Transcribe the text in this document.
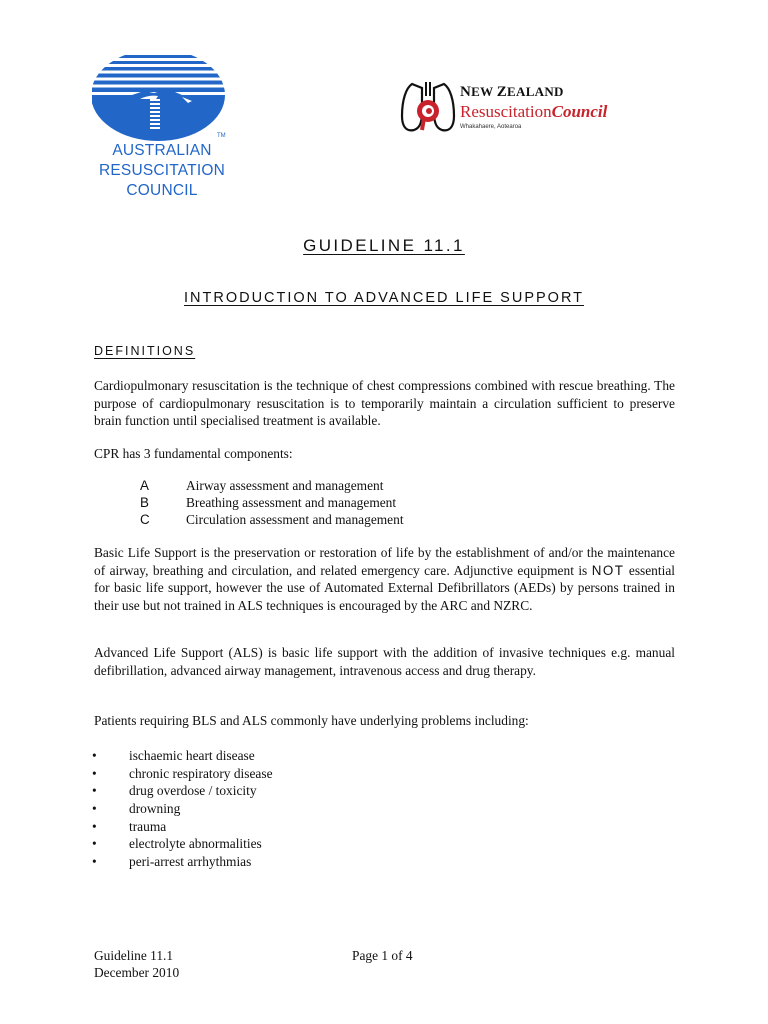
TM
AUSTRALIAN
RESUSCITATION
COUNCIL
NEW ZEALAND
ResuscitationCouncil
Whakahaere, Aotearoa
GUIDELINE 11.1
INTRODUCTION TO ADVANCED LIFE SUPPORT
DEFINITIONS
Cardiopulmonary resuscitation is the technique of chest compressions combined with rescue breathing. The purpose of cardiopulmonary resuscitation is to temporarily maintain a circulation sufficient to preserve brain function until specialised treatment is available.
CPR has 3 fundamental components:
A	Airway assessment and management
B	Breathing assessment and management
C	Circulation assessment and management
Basic Life Support is the preservation or restoration of life by the establishment of and/or the maintenance of airway, breathing and circulation, and related emergency care. Adjunctive equipment is NOT essential for basic life support, however the use of Automated External Defibrillators (AEDs) by persons trained in their use but not trained in ALS techniques is encouraged by the ARC and NZRC.
Advanced Life Support (ALS) is basic life support with the addition of invasive techniques e.g. manual defibrillation, advanced airway management, intravenous access and drug therapy.
Patients requiring BLS and ALS commonly have underlying problems including:
• ischaemic heart disease
• chronic respiratory disease
• drug overdose / toxicity
• drowning
• trauma
• electrolyte abnormalities
• peri-arrest arrhythmias
Guideline 11.1
December 2010
Page 1 of 4
